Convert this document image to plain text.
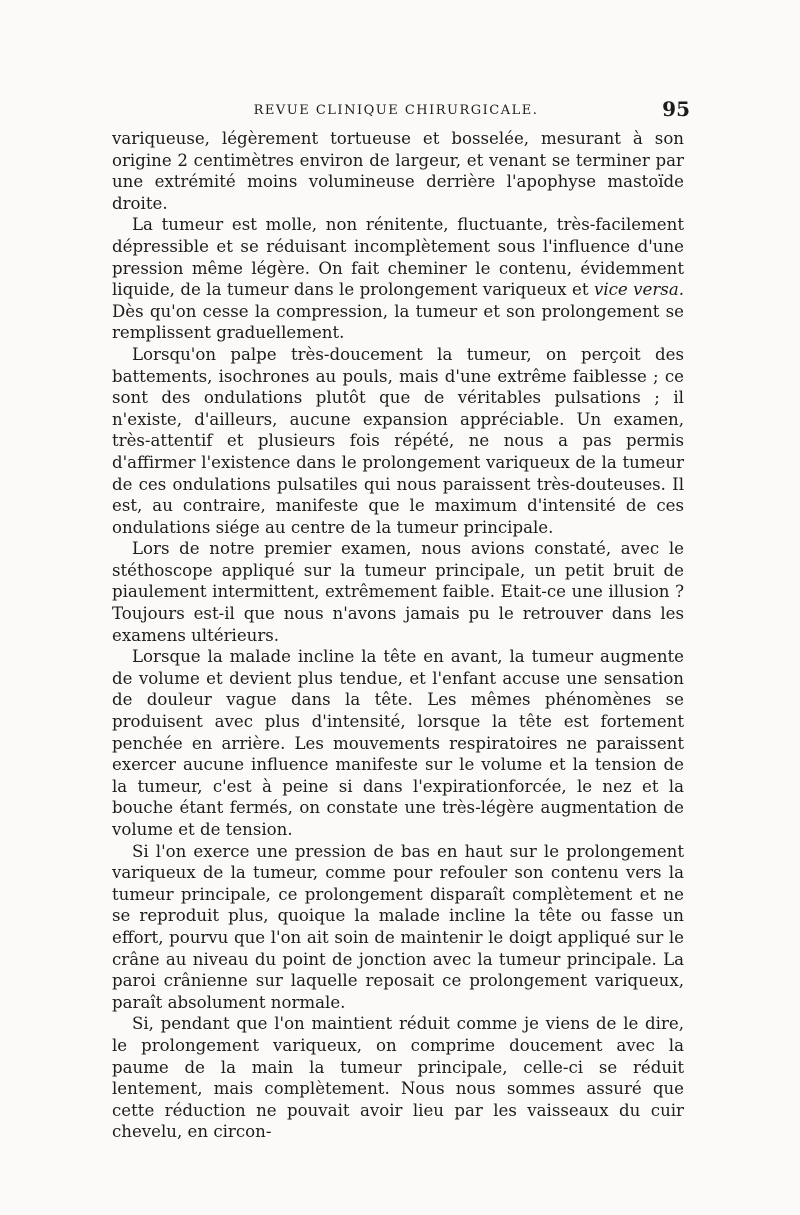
REVUE CLINIQUE CHIRURGICALE.	95

variqueuse, légèrement tortueuse et bosselée, mesurant à son origine 2 centimètres environ de largeur, et venant se terminer par une extrémité moins volumineuse derrière l'apophyse mastoïde droite.

La tumeur est molle, non rénitente, fluctuante, très-facilement dépressible et se réduisant incomplètement sous l'influence d'une pression même légère. On fait cheminer le contenu, évidemment liquide, de la tumeur dans le prolongement variqueux et vice versa. Dès qu'on cesse la compression, la tumeur et son prolongement se remplissent graduellement.

Lorsqu'on palpe très-doucement la tumeur, on perçoit des battements, isochrones au pouls, mais d'une extrême faiblesse ; ce sont des ondulations plutôt que de véritables pulsations ; il n'existe, d'ailleurs, aucune expansion appréciable. Un examen, très-attentif et plusieurs fois répété, ne nous a pas permis d'affirmer l'existence dans le prolongement variqueux de la tumeur de ces ondulations pulsatiles qui nous paraissent très-douteuses. Il est, au contraire, manifeste que le maximum d'intensité de ces ondulations siége au centre de la tumeur principale.

Lors de notre premier examen, nous avions constaté, avec le stéthoscope appliqué sur la tumeur principale, un petit bruit de piaulement intermittent, extrêmement faible. Etait-ce une illusion ? Toujours est-il que nous n'avons jamais pu le retrouver dans les examens ultérieurs.

Lorsque la malade incline la tête en avant, la tumeur augmente de volume et devient plus tendue, et l'enfant accuse une sensation de douleur vague dans la tête. Les mêmes phénomènes se produisent avec plus d'intensité, lorsque la tête est fortement penchée en arrière. Les mouvements respiratoires ne paraissent exercer aucune influence manifeste sur le volume et la tension de la tumeur, c'est à peine si dans l'expirationforcée, le nez et la bouche étant fermés, on constate une très-légère augmentation de volume et de tension.

Si l'on exerce une pression de bas en haut sur le prolongement variqueux de la tumeur, comme pour refouler son contenu vers la tumeur principale, ce prolongement disparaît complètement et ne se reproduit plus, quoique la malade incline la tête ou fasse un effort, pourvu que l'on ait soin de maintenir le doigt appliqué sur le crâne au niveau du point de jonction avec la tumeur principale. La paroi crânienne sur laquelle reposait ce prolongement variqueux, paraît absolument normale.

Si, pendant que l'on maintient réduit comme je viens de le dire, le prolongement variqueux, on comprime doucement avec la paume de la main la tumeur principale, celle-ci se réduit lentement, mais complètement. Nous nous sommes assuré que cette réduction ne pouvait avoir lieu par les vaisseaux du cuir chevelu, en circon-
